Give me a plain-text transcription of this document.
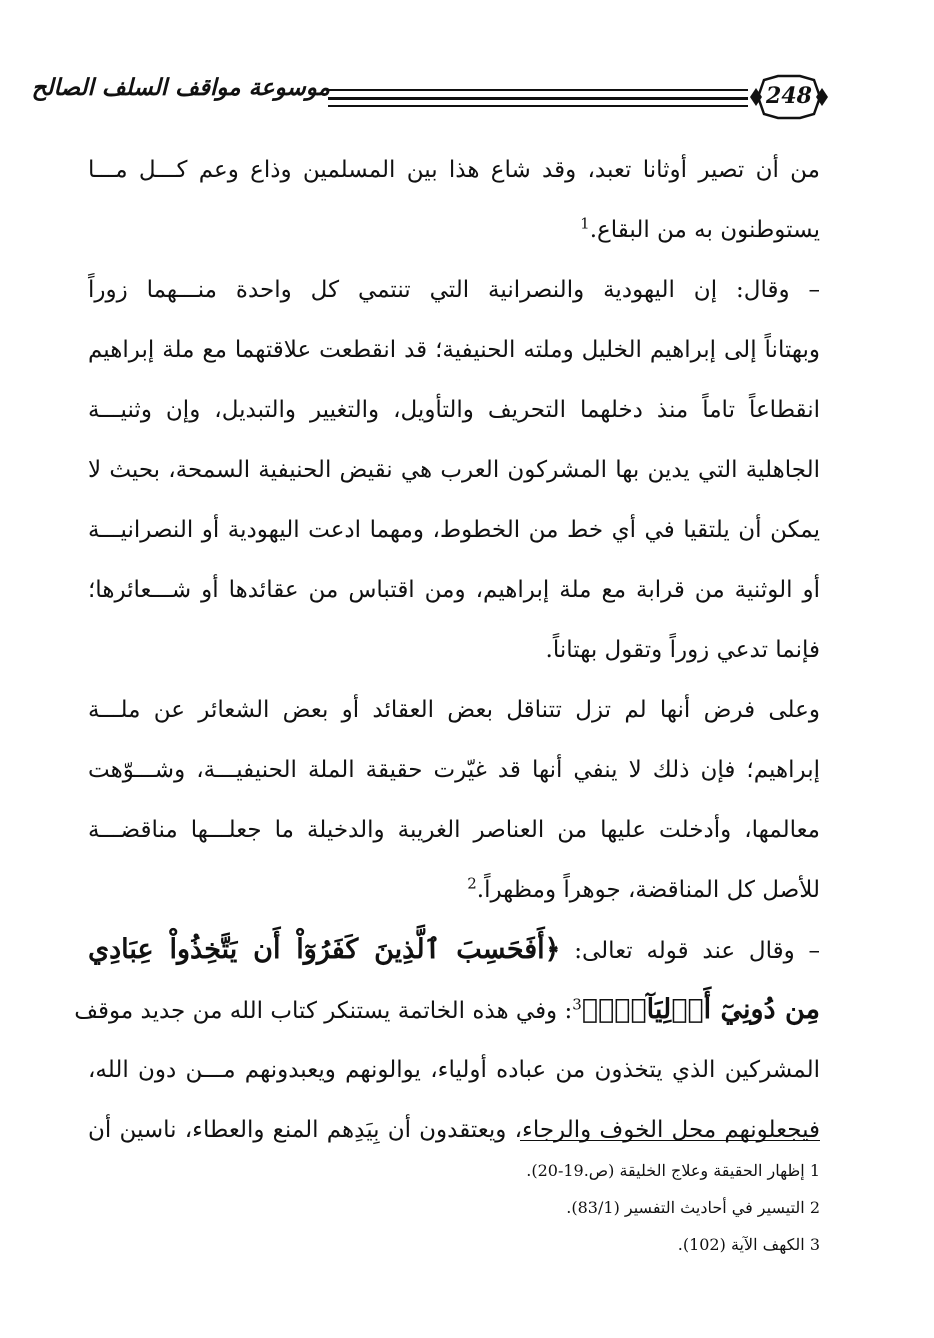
موسوعة مواقف السلف الصالح	248
من أن تصير أوثانا تعبد، وقد شاع هذا بين المسلمين وذاع وعم كـــل مـــا
يستوطنون به من البقاع.$^1$
– وقال: إن اليهودية والنصرانية التي تنتمي كل واحدة منـــهما زوراً
وبهتاناً إلى إبراهيم الخليل وملته الحنيفية؛ قد انقطعت علاقتهما مع ملة إبراهيم
انقطاعاً تاماً منذ دخلهما التحريف والتأويل، والتغيير والتبديل، وإن وثنيـــة
الجاهلية التي يدين بها المشركون العرب هي نقيض الحنيفية السمحة، بحيث لا
يمكن أن يلتقيا في أي خط من الخطوط، ومهما ادعت اليهودية أو النصرانيـــة
أو الوثنية من قرابة مع ملة إبراهيم، ومن اقتباس من عقائدها أو شـــعائرها؛
فإنما تدعي زوراً وتقول بهتاناً.
وعلى فرض أنها لم تزل تتناقل بعض العقائد أو بعض الشعائر عن ملـــة
إبراهيم؛ فإن ذلك لا ينفي أنها قد غيّرت حقيقة الملة الحنيفيـــة، وشـــوّهت
معالمها، وأدخلت عليها من العناصر الغريبة والدخيلة ما جعلـــها مناقضـــة
للأصل كل المناقضة، جوهراً ومظهراً.$^2$
– وقال عند قوله تعالى: ﴿أَفَحَسِبَ ٱلَّذِينَ كَفَرُوٓاْ أَن يَتَّخِذُواْ عِبَادِي
مِن دُونِيٓ أَوۡلِيَآءَۚ﴾$^3$: وفي هذه الخاتمة يستنكر كتاب الله من جديد موقف
المشركين الذي يتخذون من عباده أولياء، يوالونهم ويعبدونهم مـــن دون الله،
فيجعلونهم محل الخوف والرجاء، ويعتقدون أن بِيَدِهم المنع والعطاء، ناسين أن
1 إظهار الحقيقة وعلاج الخليقة (ص.19-20).
2 التيسير في أحاديث التفسير (83/1).
3 الكهف الآية (102).
